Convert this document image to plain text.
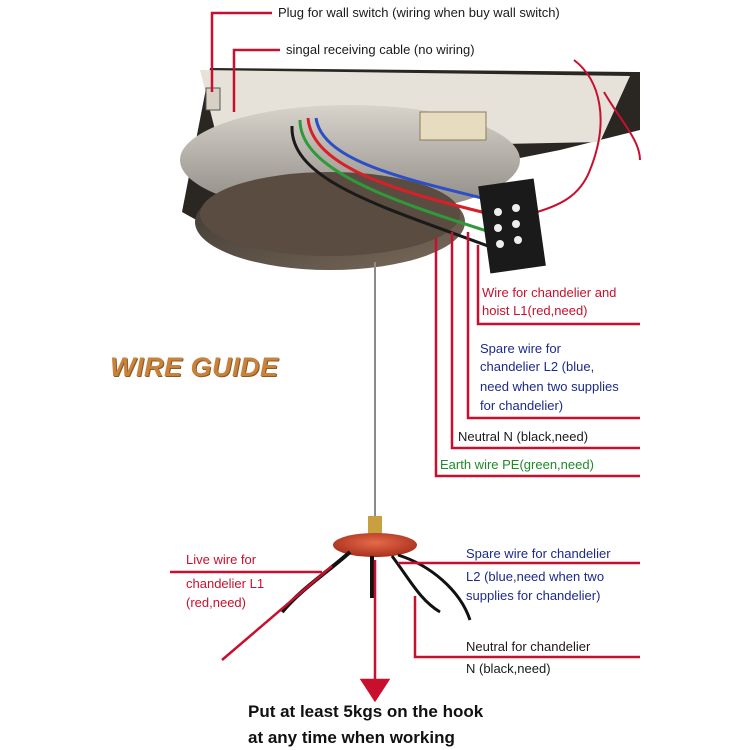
Plug for wall switch (wiring when buy wall switch)
singal receiving cable (no wiring)
WIRE GUIDE
Wire for chandelier and
hoist L1(red,need)
Spare wire for
chandelier L2 (blue,
need when two supplies
for chandelier)
Neutral N (black,need)
Earth wire PE(green,need)
Live wire for
chandelier L1
(red,need)
Spare wire for chandelier
L2 (blue,need when two
supplies for chandelier)
Neutral for chandelier
N (black,need)
Put at least 5kgs on the hook
at any time when working
